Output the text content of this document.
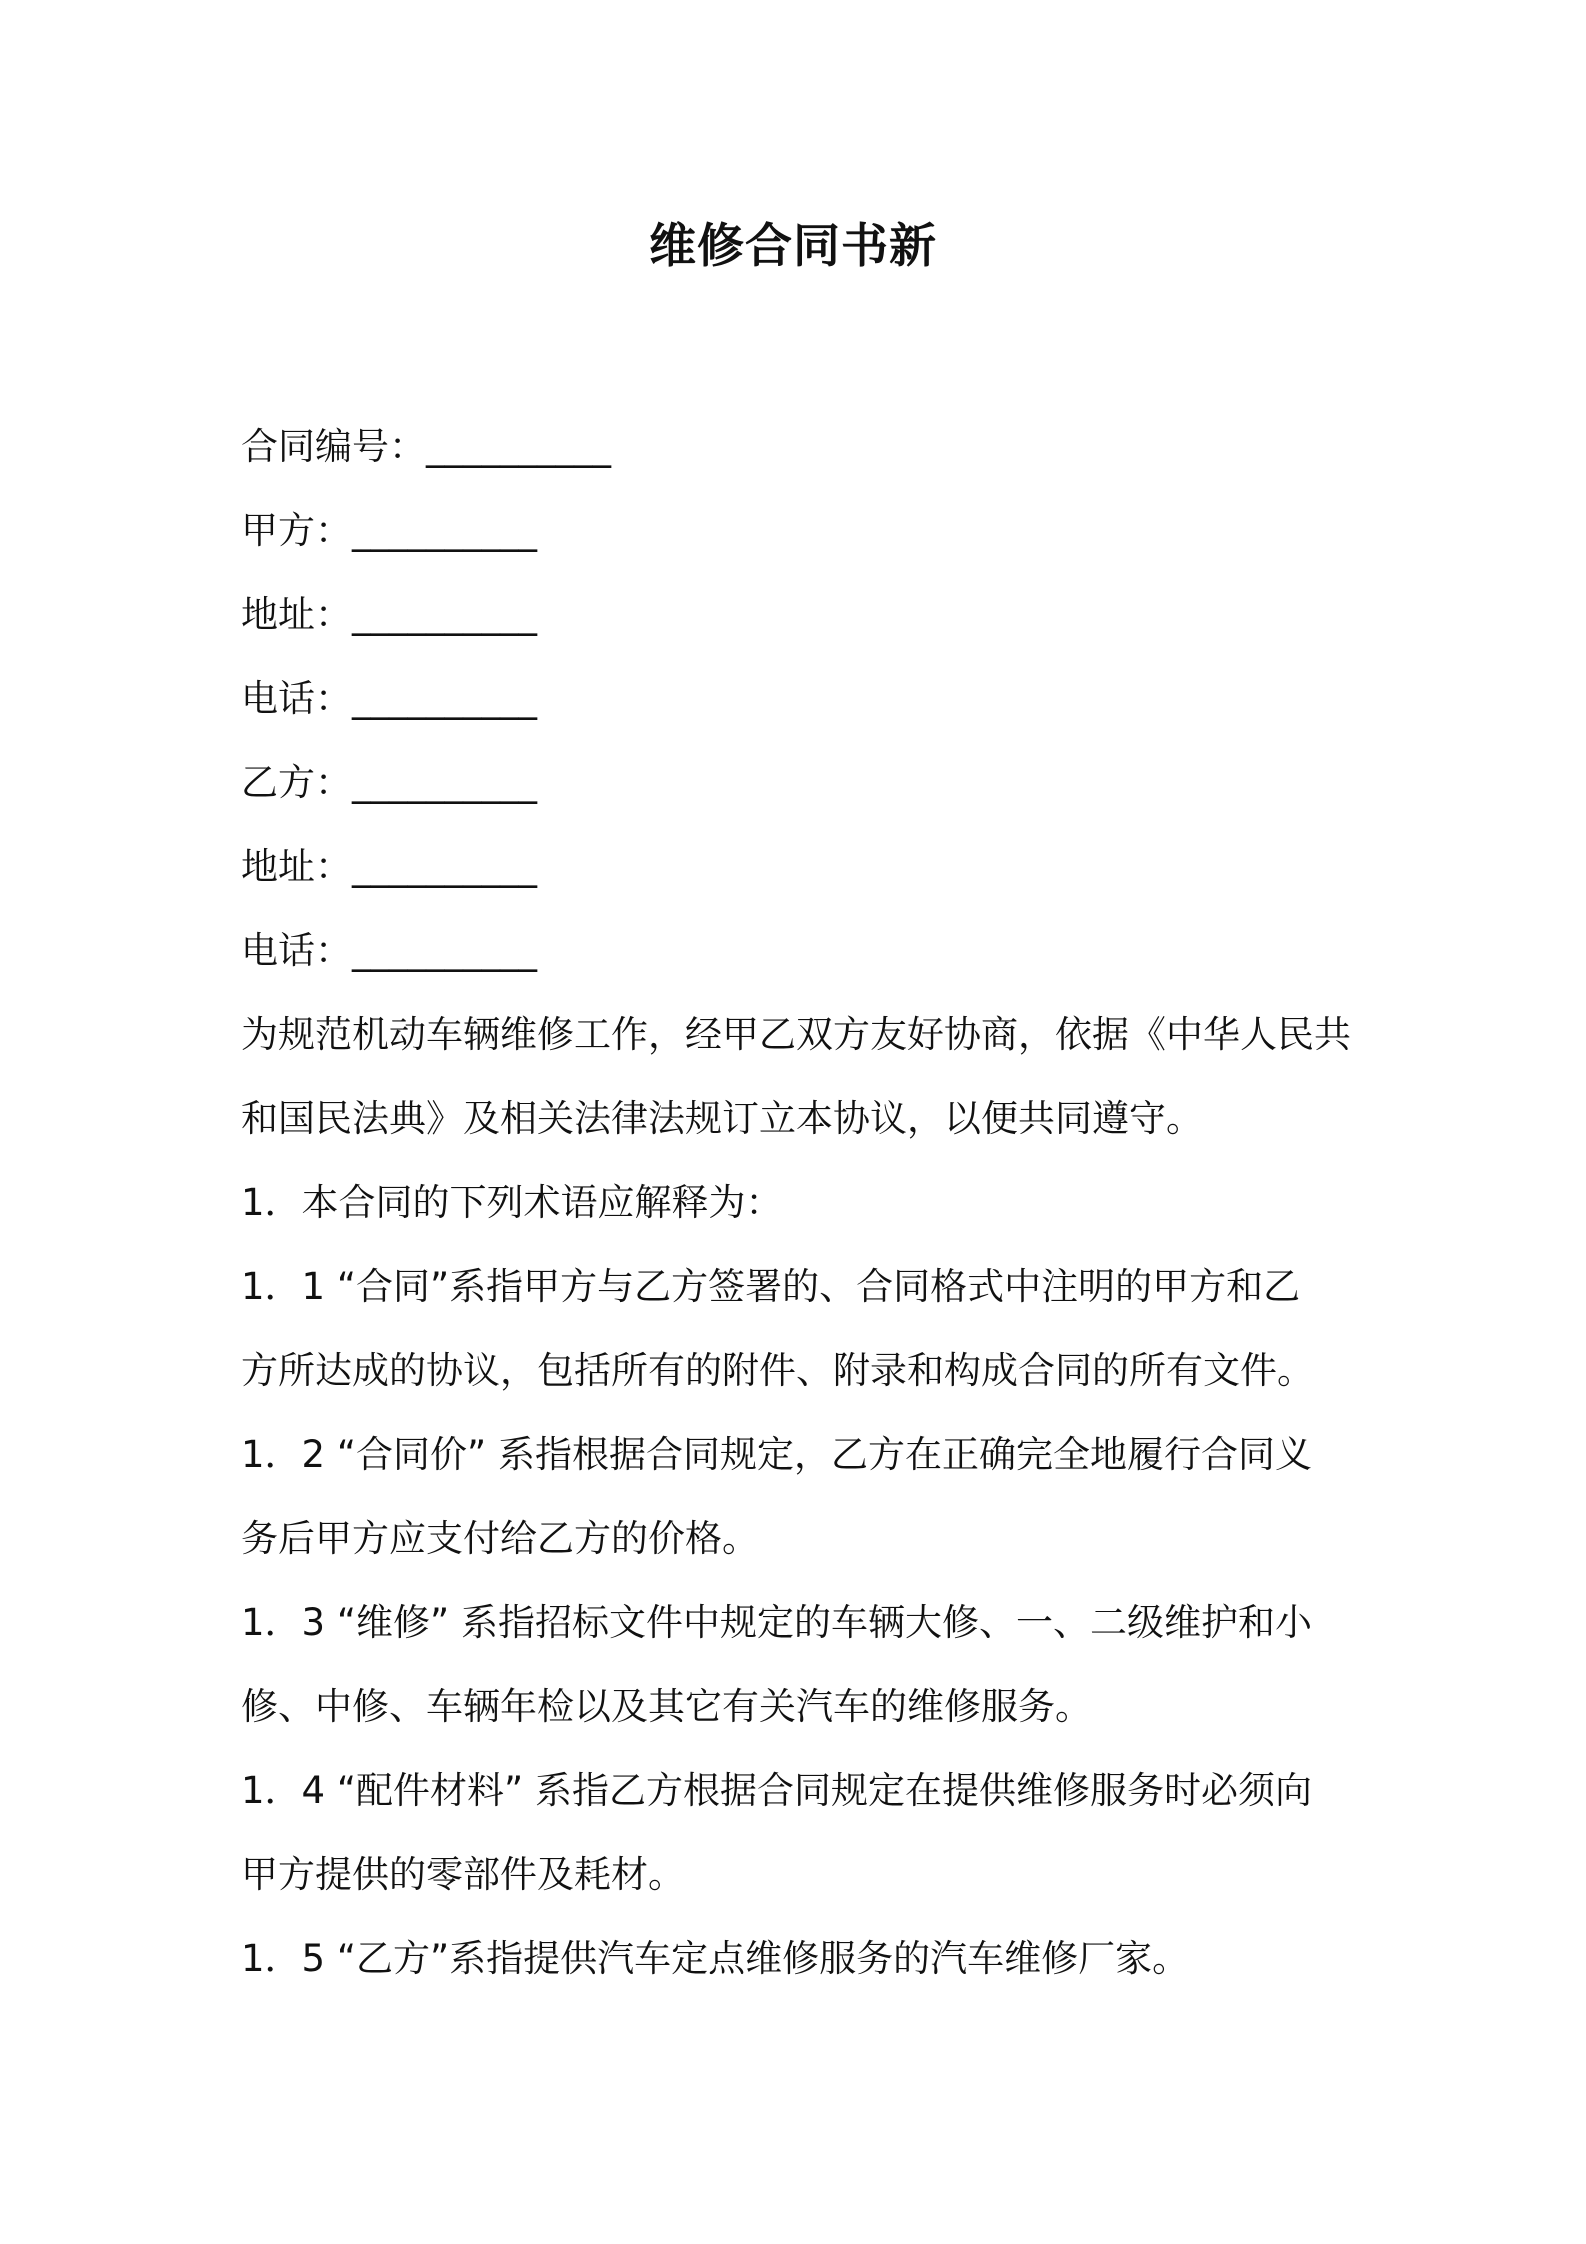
维修合同书新
合同编号：__________
甲方：__________
地址：__________
电话：__________
乙方：__________
地址：__________
电话：__________
为规范机动车辆维修工作，经甲乙双方友好协商，依据《中华人民共
和国民法典》及相关法律法规订立本协议，以便共同遵守。
1．本合同的下列术语应解释为：
1．1 “合同”系指甲方与乙方签署的、合同格式中注明的甲方和乙
方所达成的协议，包括所有的附件、附录和构成合同的所有文件。
1．2 “合同价” 系指根据合同规定，乙方在正确完全地履行合同义
务后甲方应支付给乙方的价格。
1．3 “维修” 系指招标文件中规定的车辆大修、一、二级维护和小
修、中修、车辆年检以及其它有关汽车的维修服务。
1．4 “配件材料” 系指乙方根据合同规定在提供维修服务时必须向
甲方提供的零部件及耗材。
1．5 “乙方”系指提供汽车定点维修服务的汽车维修厂家。
